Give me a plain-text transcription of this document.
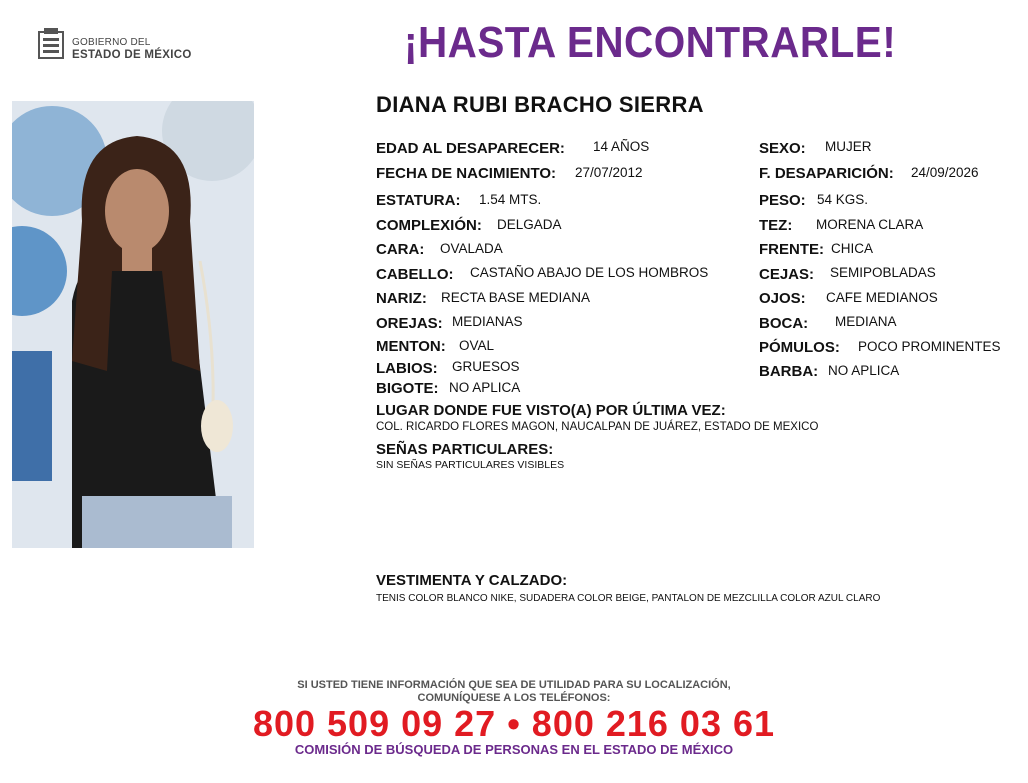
GOBIERNO DEL
ESTADO DE MÉXICO	¡HASTA ENCONTRARLE!
DIANA RUBI BRACHO SIERRA
EDAD AL DESAPARECER: 14 AÑOS
FECHA DE NACIMIENTO: 27/07/2012
ESTATURA: 1.54 MTS.
COMPLEXIÓN: DELGADA
CARA: OVALADA
CABELLO: CASTAÑO ABAJO DE LOS HOMBROS
NARIZ: RECTA BASE MEDIANA
OREJAS: MEDIANAS
MENTON: OVAL
LABIOS: GRUESOS
BIGOTE: NO APLICA
SEXO: MUJER
F. DESAPARICIÓN: 24/09/2026
PESO: 54 KGS.
TEZ: MORENA CLARA
FRENTE: CHICA
CEJAS: SEMIPOBLADAS
OJOS: CAFE MEDIANOS
BOCA: MEDIANA
PÓMULOS: POCO PROMINENTES
BARBA: NO APLICA
LUGAR DONDE FUE VISTO(A) POR ÚLTIMA VEZ:
COL. RICARDO FLORES MAGON, NAUCALPAN DE JUÁREZ, ESTADO DE MEXICO
SEÑAS PARTICULARES:
SIN SEÑAS PARTICULARES VISIBLES
VESTIMENTA Y CALZADO:
TENIS COLOR BLANCO NIKE, SUDADERA COLOR BEIGE, PANTALON DE MEZCLILLA COLOR AZUL CLARO
SI USTED TIENE INFORMACIÓN QUE SEA DE UTILIDAD PARA SU LOCALIZACIÓN,
COMUNÍQUESE A LOS TELÉFONOS:
800 509 09 27 • 800 216 03 61
COMISIÓN DE BÚSQUEDA DE PERSONAS EN EL ESTADO DE MÉXICO
